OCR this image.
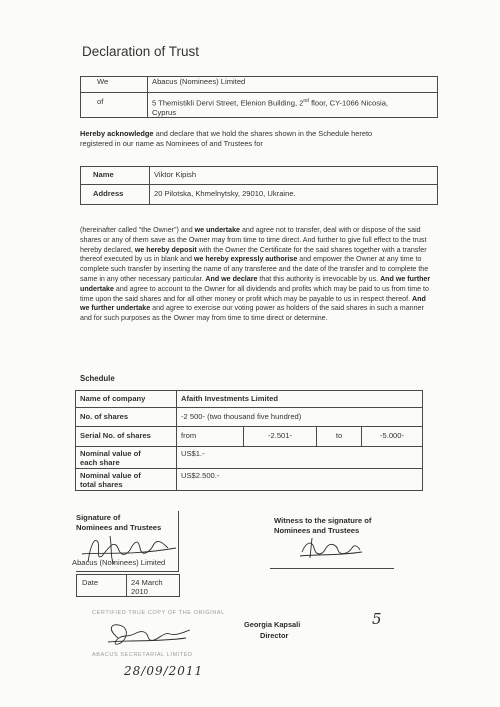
Declaration of Trust
We	Abacus (Nominees) Limited
of	5 Themistikli Dervi Street, Elenion Building, 2nd floor, CY-1066 Nicosia,
Cyprus
Hereby acknowledge and declare that we hold the shares shown in the Schedule hereto
registered in our name as Nominees of and Trustees for
Name	Viktor Kipish
Address	20 Pilotska, Khmelnytsky, 29010, Ukraine.
(hereinafter called "the Owner") and we undertake and agree not to transfer, deal with or dispose of the said shares or any of them save as the Owner may from time to time direct. And further to give full effect to the trust hereby declared, we hereby deposit with the Owner the Certificate for the said shares together with a transfer thereof executed by us in blank and we hereby expressly authorise and empower the Owner at any time to complete such transfer by inserting the name of any transferee and the date of the transfer and to complete the same in any other necessary particular. And we declare that this authority is irrevocable by us. And we further undertake and agree to account to the Owner for all dividends and profits which may be paid to us from time to time upon the said shares and for all other money or profit which may be payable to us in respect thereof. And we further undertake and agree to exercise our voting power as holders of the said shares in such a manner and for such purposes as the Owner may from time to time direct or determine.
Schedule
Name of company	Afaith Investments Limited			
No. of shares	-2 500- (two thousand five hundred)			
Serial No. of shares	from	-2.501-	to	-5.000-
Nominal value of
each share	US$1.-			
Nominal value of
total shares	US$2.500.-			
Signature of
Nominees and Trustees
Abacus (Nominees) Limited
Witness to the signature of
Nominees and Trustees
Date	24 March 2010
CERTIFIED TRUE COPY OF THE ORIGINAL
ABACUS SECRETARIAL LIMITED
28/09/2011
Georgia Kapsali
Director
5
